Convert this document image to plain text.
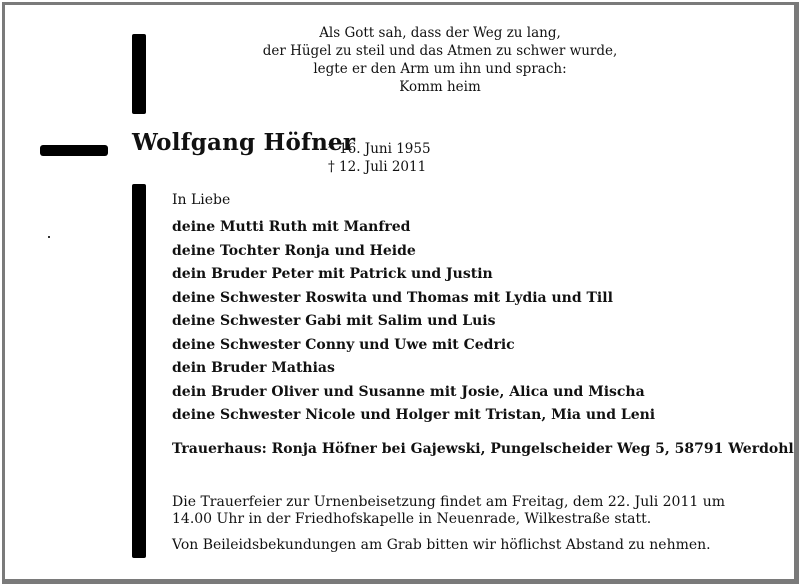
Als Gott sah, dass der Weg zu lang,
der Hügel zu steil und das Atmen zu schwer wurde,
legte er den Arm um ihn und sprach:
Komm heim
Wolfgang Höfner
* 16. Juni 1955
† 12. Juli 2011
In Liebe
deine Mutti Ruth mit Manfred
deine Tochter Ronja und Heide
dein Bruder Peter mit Patrick und Justin
deine Schwester Roswita und Thomas mit Lydia und Till
deine Schwester Gabi mit Salim und Luis
deine Schwester Conny und Uwe mit Cedric
dein Bruder Mathias
dein Bruder Oliver und Susanne mit Josie, Alica und Mischa
deine Schwester Nicole und Holger mit Tristan, Mia und Leni
Trauerhaus: Ronja Höfner bei Gajewski, Pungelscheider Weg 5, 58791 Werdohl
Die Trauerfeier zur Urnenbeisetzung findet am Freitag, dem 22. Juli 2011 um
14.00 Uhr in der Friedhofskapelle in Neuenrade, Wilkestraße statt.
Von Beileidsbekundungen am Grab bitten wir höflichst Abstand zu nehmen.
